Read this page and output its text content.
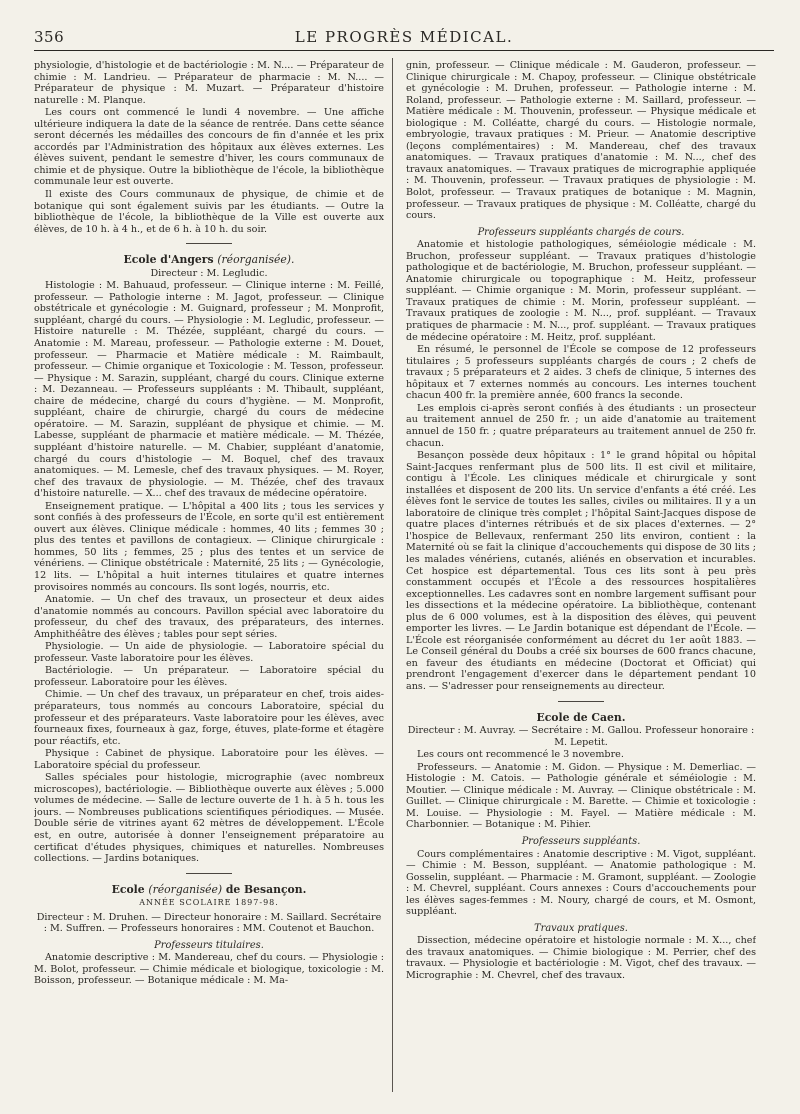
356	LE PROGRÈS MÉDICAL.

physiologie, d'histologie et de bactériologie : M. N.... — Préparateur de chimie : M. Landrieu. — Préparateur de pharmacie : M. N.... — Préparateur de physique : M. Muzart. — Préparateur d'histoire naturelle : M. Planque.

Les cours ont commencé le lundi 4 novembre. — Une affiche ultérieure indiquera la date de la séance de rentrée. Dans cette séance seront décernés les médailles des concours de fin d'année et les prix accordés par l'Administration des hôpitaux aux élèves externes. Les élèves suivent, pendant le semestre d'hiver, les cours communaux de chimie et de physique. Outre la bibliothèque de l'école, la bibliothèque communale leur est ouverte.

Il existe des Cours communaux de physique, de chimie et de botanique qui sont également suivis par les étudiants. — Outre la bibliothèque de l'école, la bibliothèque de la Ville est ouverte aux élèves, de 10 h. à 4 h., et de 6 h. à 10 h. du soir.

Ecole d'Angers (réorganisée).

Directeur : M. Legludic.

Histologie : M. Bahuaud, professeur. — Clinique interne : M. Feillé, professeur. — Pathologie interne : M. Jagot, professeur. — Clinique obstétricale et gynécologie : M. Guignard, professeur ; M. Monprofit, suppléant, chargé du cours. — Physiologie : M. Legludic, professeur. — Histoire naturelle : M. Thézée, suppléant, chargé du cours. — Anatomie : M. Mareau, professeur. — Pathologie externe : M. Douet, professeur. — Pharmacie et Matière médicale : M. Raimbault, professeur. — Chimie organique et Toxicologie : M. Tesson, professeur. — Physique : M. Sarazin, suppléant, chargé du cours. Clinique externe : M. Dezanneau. — Professeurs suppléants : M. Thibault, suppléant, chaire de médecine, chargé du cours d'hygiène. — M. Monprofit, suppléant, chaire de chirurgie, chargé du cours de médecine opératoire. — M. Sarazin, suppléant de physique et chimie. — M. Labesse, suppléant de pharmacie et matière médicale. — M. Thézée, suppléant d'histoire naturelle. — M. Chabier, suppléant d'anatomie, chargé du cours d'histologie — M. Boquel, chef des travaux anatomiques. — M. Lemesle, chef des travaux physiques. — M. Royer, chef des travaux de physiologie. — M. Thézée, chef des travaux d'histoire naturelle. — X... chef des travaux de médecine opératoire.

Enseignement pratique. — L'hôpital a 400 lits ; tous les services y sont confiés à des professeurs de l'École, en sorte qu'il est entièrement ouvert aux élèves. Clinique médicale : hommes, 40 lits ; femmes 30 ; plus des tentes et pavillons de contagieux. — Clinique chirurgicale : hommes, 50 lits ; femmes, 25 ; plus des tentes et un service de vénériens. — Clinique obstétricale : Maternité, 25 lits ; — Gynécologie, 12 lits. — L'hôpital a huit internes titulaires et quatre internes provisoires nommés au concours. Ils sont logés, nourris, etc.

Anatomie. — Un chef des travaux, un prosecteur et deux aides d'anatomie nommés au concours. Pavillon spécial avec laboratoire du professeur, du chef des travaux, des préparateurs, des internes. Amphithéâtre des élèves ; tables pour sept séries.

Physiologie. — Un aide de physiologie. — Laboratoire spécial du professeur. Vaste laboratoire pour les élèves.

Bactériologie. — Un préparateur. — Laboratoire spécial du professeur. Laboratoire pour les élèves.

Chimie. — Un chef des travaux, un préparateur en chef, trois aides-préparateurs, tous nommés au concours Laboratoire, spécial du professeur et des préparateurs. Vaste laboratoire pour les élèves, avec fourneaux fixes, fourneaux à gaz, forge, étuves, plate-forme et étagère pour réactifs, etc.

Physique : Cabinet de physique. Laboratoire pour les élèves. — Laboratoire spécial du professeur.

Salles spéciales pour histologie, micrographie (avec nombreux microscopes), bactériologie. — Bibliothèque ouverte aux élèves ; 5.000 volumes de médecine. — Salle de lecture ouverte de 1 h. à 5 h. tous les jours. — Nombreuses publications scientifiques périodiques. — Musée. Double série de vitrines ayant 62 mètres de développement. L'École est, en outre, autorisée à donner l'enseignement préparatoire au certificat d'études physiques, chimiques et naturelles. Nombreuses collections. — Jardins botaniques.

Ecole (réorganisée) de Besançon.
ANNÉE SCOLAIRE 1897-98.

Directeur : M. Druhen. — Directeur honoraire : M. Saillard. Secrétaire : M. Suffren. — Professeurs honoraires : MM. Coutenot et Bauchon.

Professeurs titulaires.

Anatomie descriptive : M. Mandereau, chef du cours. — Physiologie : M. Bolot, professeur. — Chimie médicale et biologique, toxicologie : M. Boisson, professeur. — Botanique médicale : M. Ma-

gnin, professeur. — Clinique médicale : M. Gauderon, professeur. — Clinique chirurgicale : M. Chapoy, professeur. — Clinique obstétricale et gynécologie : M. Druhen, professeur. — Pathologie interne : M. Roland, professeur. — Pathologie externe : M. Saillard, professeur. — Matière médicale : M. Thouvenin, professeur. — Physique médicale et biologique : M. Colléatte, chargé du cours. — Histologie normale, embryologie, travaux pratiques : M. Prieur. — Anatomie descriptive (leçons complémentaires) : M. Mandereau, chef des travaux anatomiques. — Travaux pratiques d'anatomie : M. N..., chef des travaux anatomiques. — Travaux pratiques de micrographie appliquée : M. Thouvenin, professeur. — Travaux pratiques de physiologie : M. Bolot, professeur. — Travaux pratiques de botanique : M. Magnin, professeur. — Travaux pratiques de physique : M. Colléatte, chargé du cours.

Professeurs suppléants chargés de cours.

Anatomie et histologie pathologiques, séméiologie médicale : M. Bruchon, professeur suppléant. — Travaux pratiques d'histologie pathologique et de bactériologie, M. Bruchon, professeur suppléant. — Anatomie chirurgicale ou topographique : M. Heitz, professeur suppléant. — Chimie organique : M. Morin, professeur suppléant. — Travaux pratiques de chimie : M. Morin, professeur suppléant. — Travaux pratiques de zoologie : M. N..., prof. suppléant. — Travaux pratiques de pharmacie : M. N..., prof. suppléant. — Travaux pratiques de médecine opératoire : M. Heitz, prof. suppléant.

En résumé, le personnel de l'École se compose de 12 professeurs titulaires ; 5 professeurs suppléants chargés de cours ; 2 chefs de travaux ; 5 préparateurs et 2 aides. 3 chefs de clinique, 5 internes des hôpitaux et 7 externes nommés au concours. Les internes touchent chacun 400 fr. la première année, 600 francs la seconde.

Les emplois ci-après seront confiés à des étudiants : un prosecteur au traitement annuel de 250 fr. ; un aide d'anatomie au traitement annuel de 150 fr. ; quatre préparateurs au traitement annuel de 250 fr. chacun.

Besançon possède deux hôpitaux : 1° le grand hôpital ou hôpital Saint-Jacques renfermant plus de 500 lits. Il est civil et militaire, contigu à l'École. Les cliniques médicale et chirurgicale y sont installées et disposent de 200 lits. Un service d'enfants a été créé. Les élèves font le service de toutes les salles, civiles ou militaires. Il y a un laboratoire de clinique très complet ; l'hôpital Saint-Jacques dispose de quatre places d'internes rétribués et de six places d'externes. — 2° l'hospice de Bellevaux, renfermant 250 lits environ, contient : la Maternité où se fait la clinique d'accouchements qui dispose de 30 lits ; les malades vénériens, cutanés, aliénés en observation et incurables. Cet hospice est départemental. Tous ces lits sont à peu près constamment occupés et l'École a des ressources hospitalières exceptionnelles. Les cadavres sont en nombre largement suffisant pour les dissections et la médecine opératoire. La bibliothèque, contenant plus de 6 000 volumes, est à la disposition des élèves, qui peuvent emporter les livres. — Le Jardin botanique est dépendant de l'École. — L'École est réorganisée conformément au décret du 1er août 1883. — Le Conseil général du Doubs a créé six bourses de 600 francs chacune, en faveur des étudiants en médecine (Doctorat et Officiat) qui prendront l'engagement d'exercer dans le département pendant 10 ans. — S'adresser pour renseignements au directeur.

Ecole de Caen.

Directeur : M. Auvray. — Secrétaire : M. Gallou. Professeur honoraire : M. Lepetit.

Les cours ont recommencé le 3 novembre.

Professeurs. — Anatomie : M. Gidon. — Physique : M. Demerliac. — Histologie : M. Catois. — Pathologie générale et séméiologie : M. Moutier. — Clinique médicale : M. Auvray. — Clinique obstétricale : M. Guillet. — Clinique chirurgicale : M. Barette. — Chimie et toxicologie : M. Louise. — Physiologie : M. Fayel. — Matière médicale : M. Charbonnier. — Botanique : M. Pihier.

Professeurs suppléants.

Cours complémentaires : Anatomie descriptive : M. Vigot, suppléant. — Chimie : M. Besson, suppléant. — Anatomie pathologique : M. Gosselin, suppléant. — Pharmacie : M. Gramont, suppléant. — Zoologie : M. Chevrel, suppléant. Cours annexes : Cours d'accouchements pour les élèves sages-femmes : M. Noury, chargé de cours, et M. Osmont, suppléant.

Travaux pratiques.

Dissection, médecine opératoire et histologie normale : M. X..., chef des travaux anatomiques. — Chimie biologique : M. Perrier, chef des travaux. — Physiologie et bactériologie : M. Vigot, chef des travaux. — Micrographie : M. Chevrel, chef des travaux.
